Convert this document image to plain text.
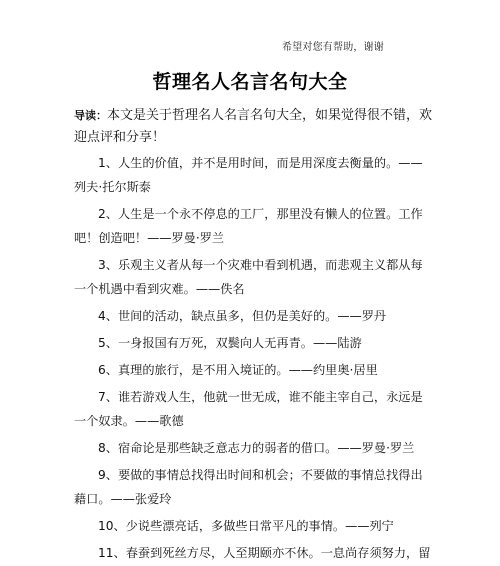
希望对您有帮助，谢谢
哲理名人名言名句大全
导读：本文是关于哲理名人名言名句大全，如果觉得很不错，欢迎点评和分享！
1、人生的价值，并不是用时间，而是用深度去衡量的。——列夫·托尔斯泰
2、人生是一个永不停息的工厂，那里没有懒人的位置。工作吧！创造吧！——罗曼·罗兰
3、乐观主义者从每一个灾难中看到机遇，而悲观主义都从每一个机遇中看到灾难。——佚名
4、世间的活动，缺点虽多，但仍是美好的。——罗丹
5、一身报国有万死，双鬓向人无再青。——陆游
6、真理的旅行，是不用入境证的。——约里奥·居里
7、谁若游戏人生，他就一世无成，谁不能主宰自己，永远是一个奴隶。——歌德
8、宿命论是那些缺乏意志力的弱者的借口。——罗曼·罗兰
9、要做的事情总找得出时间和机会；不要做的事情总找得出藉口。——张爱玲
10、少说些漂亮话，多做些日常平凡的事情。——列宁
11、春蚕到死丝方尽，人至期颐亦不休。一息尚存须努力，留
